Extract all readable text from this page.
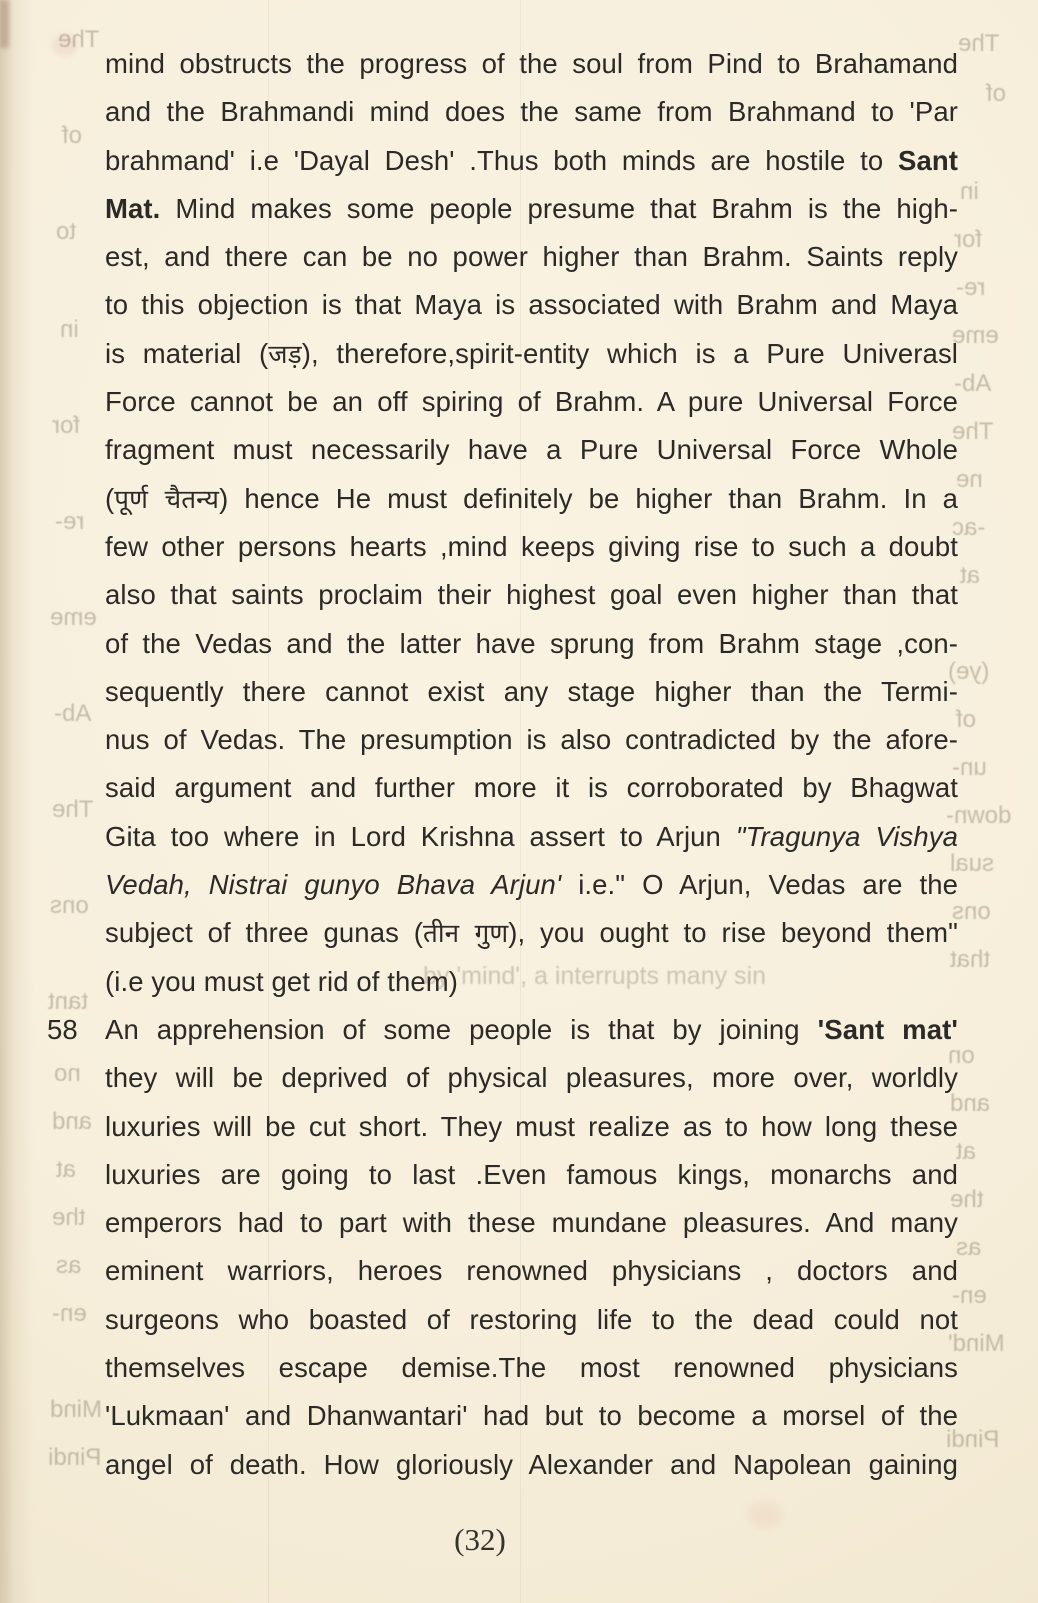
The
of
to
in
for
re-
eme
Ab-
The
ons
tant
no
and
at
the
as
en-
Mind
Pindi
The
of
in
for
re-
eme
Ab-
The
ne
-ac
at
(ye)
of
un-
down-
sual
ons
that
on
and
at
the
as
en-
Mind'
Pindi
by 'mind', a interrupts many sin
mind obstructs the progress of the soul from Pind to Brahamand
and the Brahmandi mind does the same from Brahmand to 'Par
brahmand' i.e 'Dayal Desh' .Thus both minds are hostile to Sant
Mat. Mind makes some people presume that Brahm is the high-
est, and there can be no power higher than Brahm. Saints reply
to this objection is that Maya is associated with Brahm and Maya
is material (जड़), therefore,spirit-entity which is a Pure Univerasl
Force cannot be an off spiring of Brahm. A pure Universal Force
fragment must necessarily have a Pure Universal Force Whole
(पूर्ण चैतन्य) hence He must definitely be higher than Brahm. In a
few other persons hearts ,mind keeps giving rise to such a doubt
also that saints proclaim their highest goal even higher than that
of the Vedas and the latter have sprung from Brahm stage ,con-
sequently there cannot exist any stage higher than the Termi-
nus of Vedas. The presumption is also contradicted by the afore-
said argument and further more it is corroborated by Bhagwat
Gita too where in Lord Krishna assert to Arjun "Tragunya Vishya
Vedah, Nistrai gunyo Bhava Arjun' i.e." O Arjun, Vedas are the
subject of three gunas (तीन गुण), you ought to rise beyond them"
(i.e you must get rid of them)
58 An apprehension of some people is that by joining 'Sant mat'
they will be deprived of physical pleasures, more over, worldly
luxuries will be cut short. They must realize as to how long these
luxuries are going to last .Even famous kings, monarchs and
emperors had to part with these mundane pleasures. And many
eminent warriors, heroes renowned physicians , doctors and
surgeons who boasted of restoring life to the dead could not
themselves escape demise.The most renowned physicians
'Lukmaan' and Dhanwantari' had but to become a morsel of the
angel of death. How gloriously Alexander and Napolean gaining
(32)
